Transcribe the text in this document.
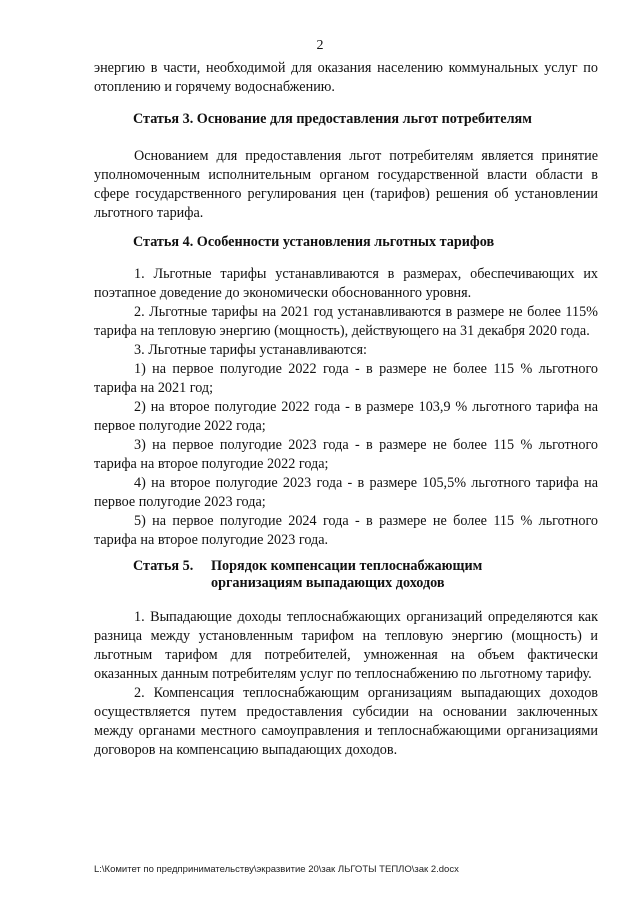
2
энергию в части, необходимой для оказания населению коммунальных услуг по отоплению и горячему водоснабжению.
Статья 3. Основание для предоставления льгот потребителям
Основанием для предоставления льгот потребителям является принятие уполномоченным исполнительным органом государственной власти области в сфере государственного регулирования цен (тарифов) решения об установлении льготного тарифа.
Статья 4. Особенности установления льготных тарифов
1. Льготные тарифы устанавливаются в размерах, обеспечивающих их поэтапное доведение до экономически обоснованного уровня.
2. Льготные тарифы на 2021 год устанавливаются в размере не более 115% тарифа на тепловую энергию (мощность), действующего на 31 декабря 2020 года.
3. Льготные тарифы устанавливаются:
1) на первое полугодие 2022 года - в размере не более 115 % льготного тарифа на 2021 год;
2) на второе полугодие 2022 года - в размере 103,9 % льготного тарифа на первое полугодие 2022 года;
3) на первое полугодие 2023 года - в размере не более 115 % льготного тарифа на второе полугодие 2022 года;
4) на второе полугодие 2023 года - в размере 105,5% льготного тарифа на первое полугодие 2023 года;
5) на первое полугодие 2024 года - в размере не более 115 % льготного тарифа на второе полугодие 2023 года.
Статья 5. Порядок компенсации теплоснабжающим
организациям выпадающих доходов
1. Выпадающие доходы теплоснабжающих организаций определяются как разница между установленным тарифом на тепловую энергию (мощность) и льготным тарифом для потребителей, умноженная на объем фактически оказанных данным потребителям услуг по теплоснабжению по льготному тарифу.
2. Компенсация теплоснабжающим организациям выпадающих доходов осуществляется путем предоставления субсидии на основании заключенных между органами местного самоуправления и теплоснабжающими организациями договоров на компенсацию выпадающих доходов.
L:\Комитет по предпринимательству\экразвитие 20\зак ЛЬГОТЫ ТЕПЛО\зак 2.docx
